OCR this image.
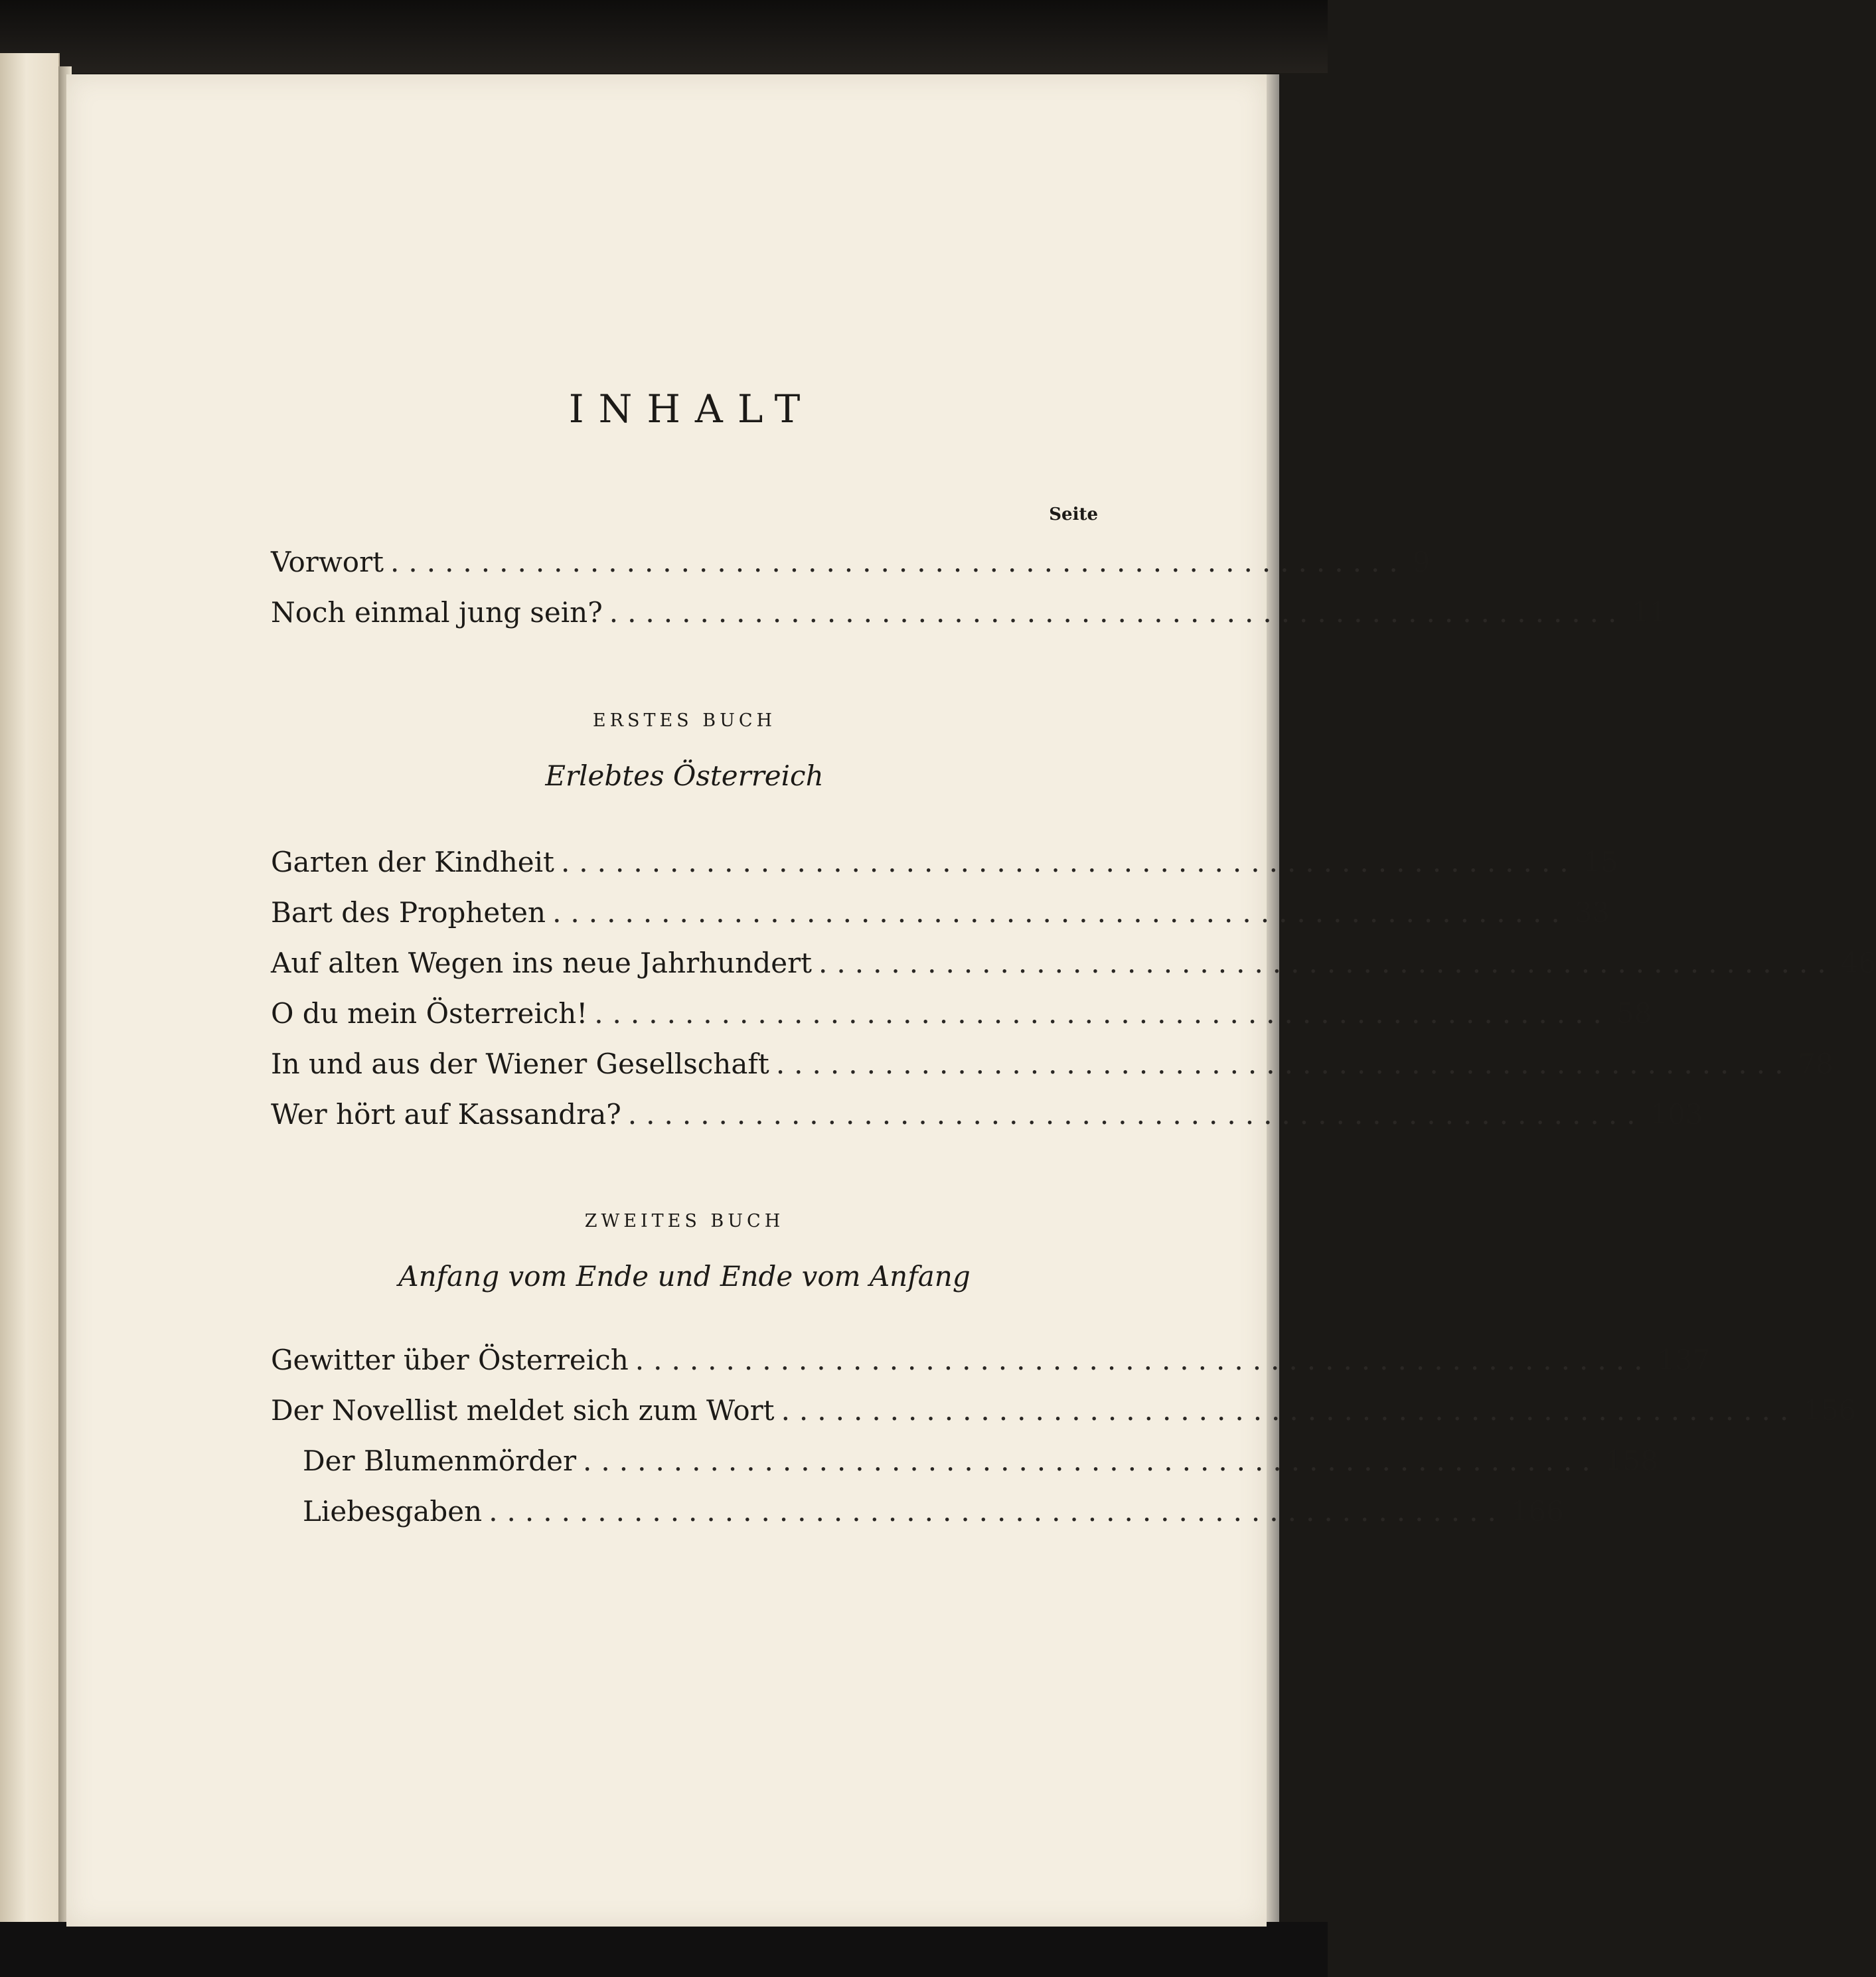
INHALT
Seite
Vorwort ........................................................ 9
Noch einmal jung sein? ........................................................ 11
ERSTES BUCH
Erlebtes Österreich
Garten der Kindheit ........................................................ 15
Bart des Propheten ........................................................ 33
Auf alten Wegen ins neue Jahrhundert ........................................................ 46
O du mein Österreich! ........................................................ 58
In und aus der Wiener Gesellschaft ........................................................ 78
Wer hört auf Kassandra? ........................................................ 103
ZWEITES BUCH
Anfang vom Ende und Ende vom Anfang
Gewitter über Österreich ........................................................ 137
Der Novellist meldet sich zum Wort ........................................................ 156
Der Blumenmörder ........................................................ 158
Liebesgaben ........................................................ 166
